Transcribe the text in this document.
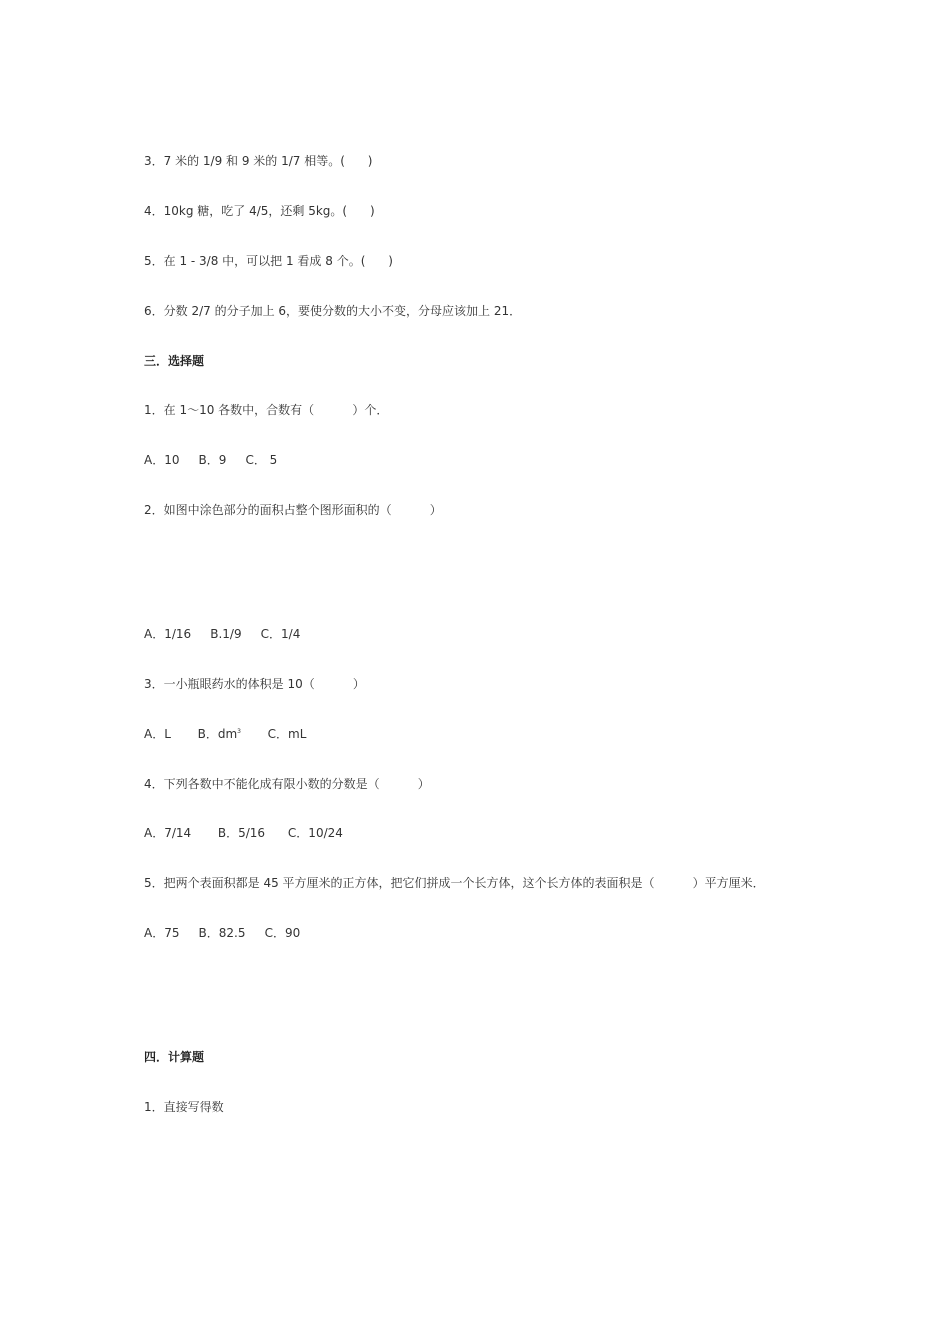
3．7 米的 1/9 和 9 米的 1/7 相等。(      )
4．10kg 糖，吃了 4/5，还剩 5kg。(      )
5．在 1 - 3/8 中，可以把 1 看成 8 个。(      )
6．分数 2/7 的分子加上 6，要使分数的大小不变，分母应该加上 21．
三．选择题
1．在 1～10 各数中，合数有（          ）个．
A．10     B．9     C． 5
2．如图中涂色部分的面积占整个图形面积的（          ）
A．1/16     B.1/9     C．1/4
3．一小瓶眼药水的体积是 10（          ）
A．L       B．$dm^3$       C．mL
4．下列各数中不能化成有限小数的分数是（          ）
A．7/14       B．5/16      C．10/24
5．把两个表面积都是 45 平方厘米的正方体，把它们拼成一个长方体，这个长方体的表面积是（          ）平方厘米．
A．75     B．82.5     C．90
四．计算题
1．直接写得数
